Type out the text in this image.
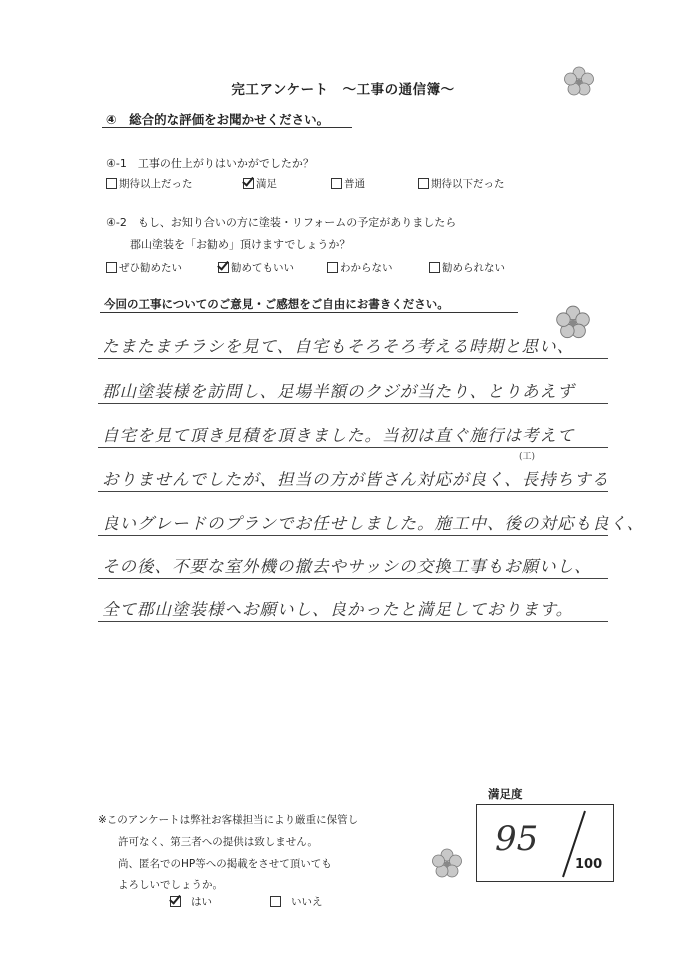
完工アンケート　～工事の通信簿～
④　総合的な評価をお聞かせください。
④-1　工事の仕上がりはいかがでしたか？
期待以上だった	満足	普通	期待以下だった
④-2　もし、お知り合いの方に塗装・リフォームの予定がありましたら
郡山塗装を「お勧め」頂けますでしょうか？
ぜひ勧めたい	勧めてもいい	わからない	勧められない
今回の工事についてのご意見・ご感想をご自由にお書きください。
たまたまチラシを見て、自宅もそろそろ考える時期と思い、
郡山塗装様を訪問し、足場半額のクジが当たり、とりあえず
自宅を見て頂き見積を頂きました。当初は直ぐ施行は考えて
(工)
おりませんでしたが、担当の方が皆さん対応が良く、長持ちする
良いグレードのプランでお任せしました。施工中、後の対応も良く、
その後、不要な室外機の撤去やサッシの交換工事もお願いし、
全て郡山塗装様へお願いし、良かったと満足しております。
※このアンケートは弊社お客様担当により厳重に保管し
許可なく、第三者への提供は致しません。
尚、匿名でのHP等への掲載をさせて頂いても
よろしいでしょうか。
はい	いいえ
満足度
95
100
